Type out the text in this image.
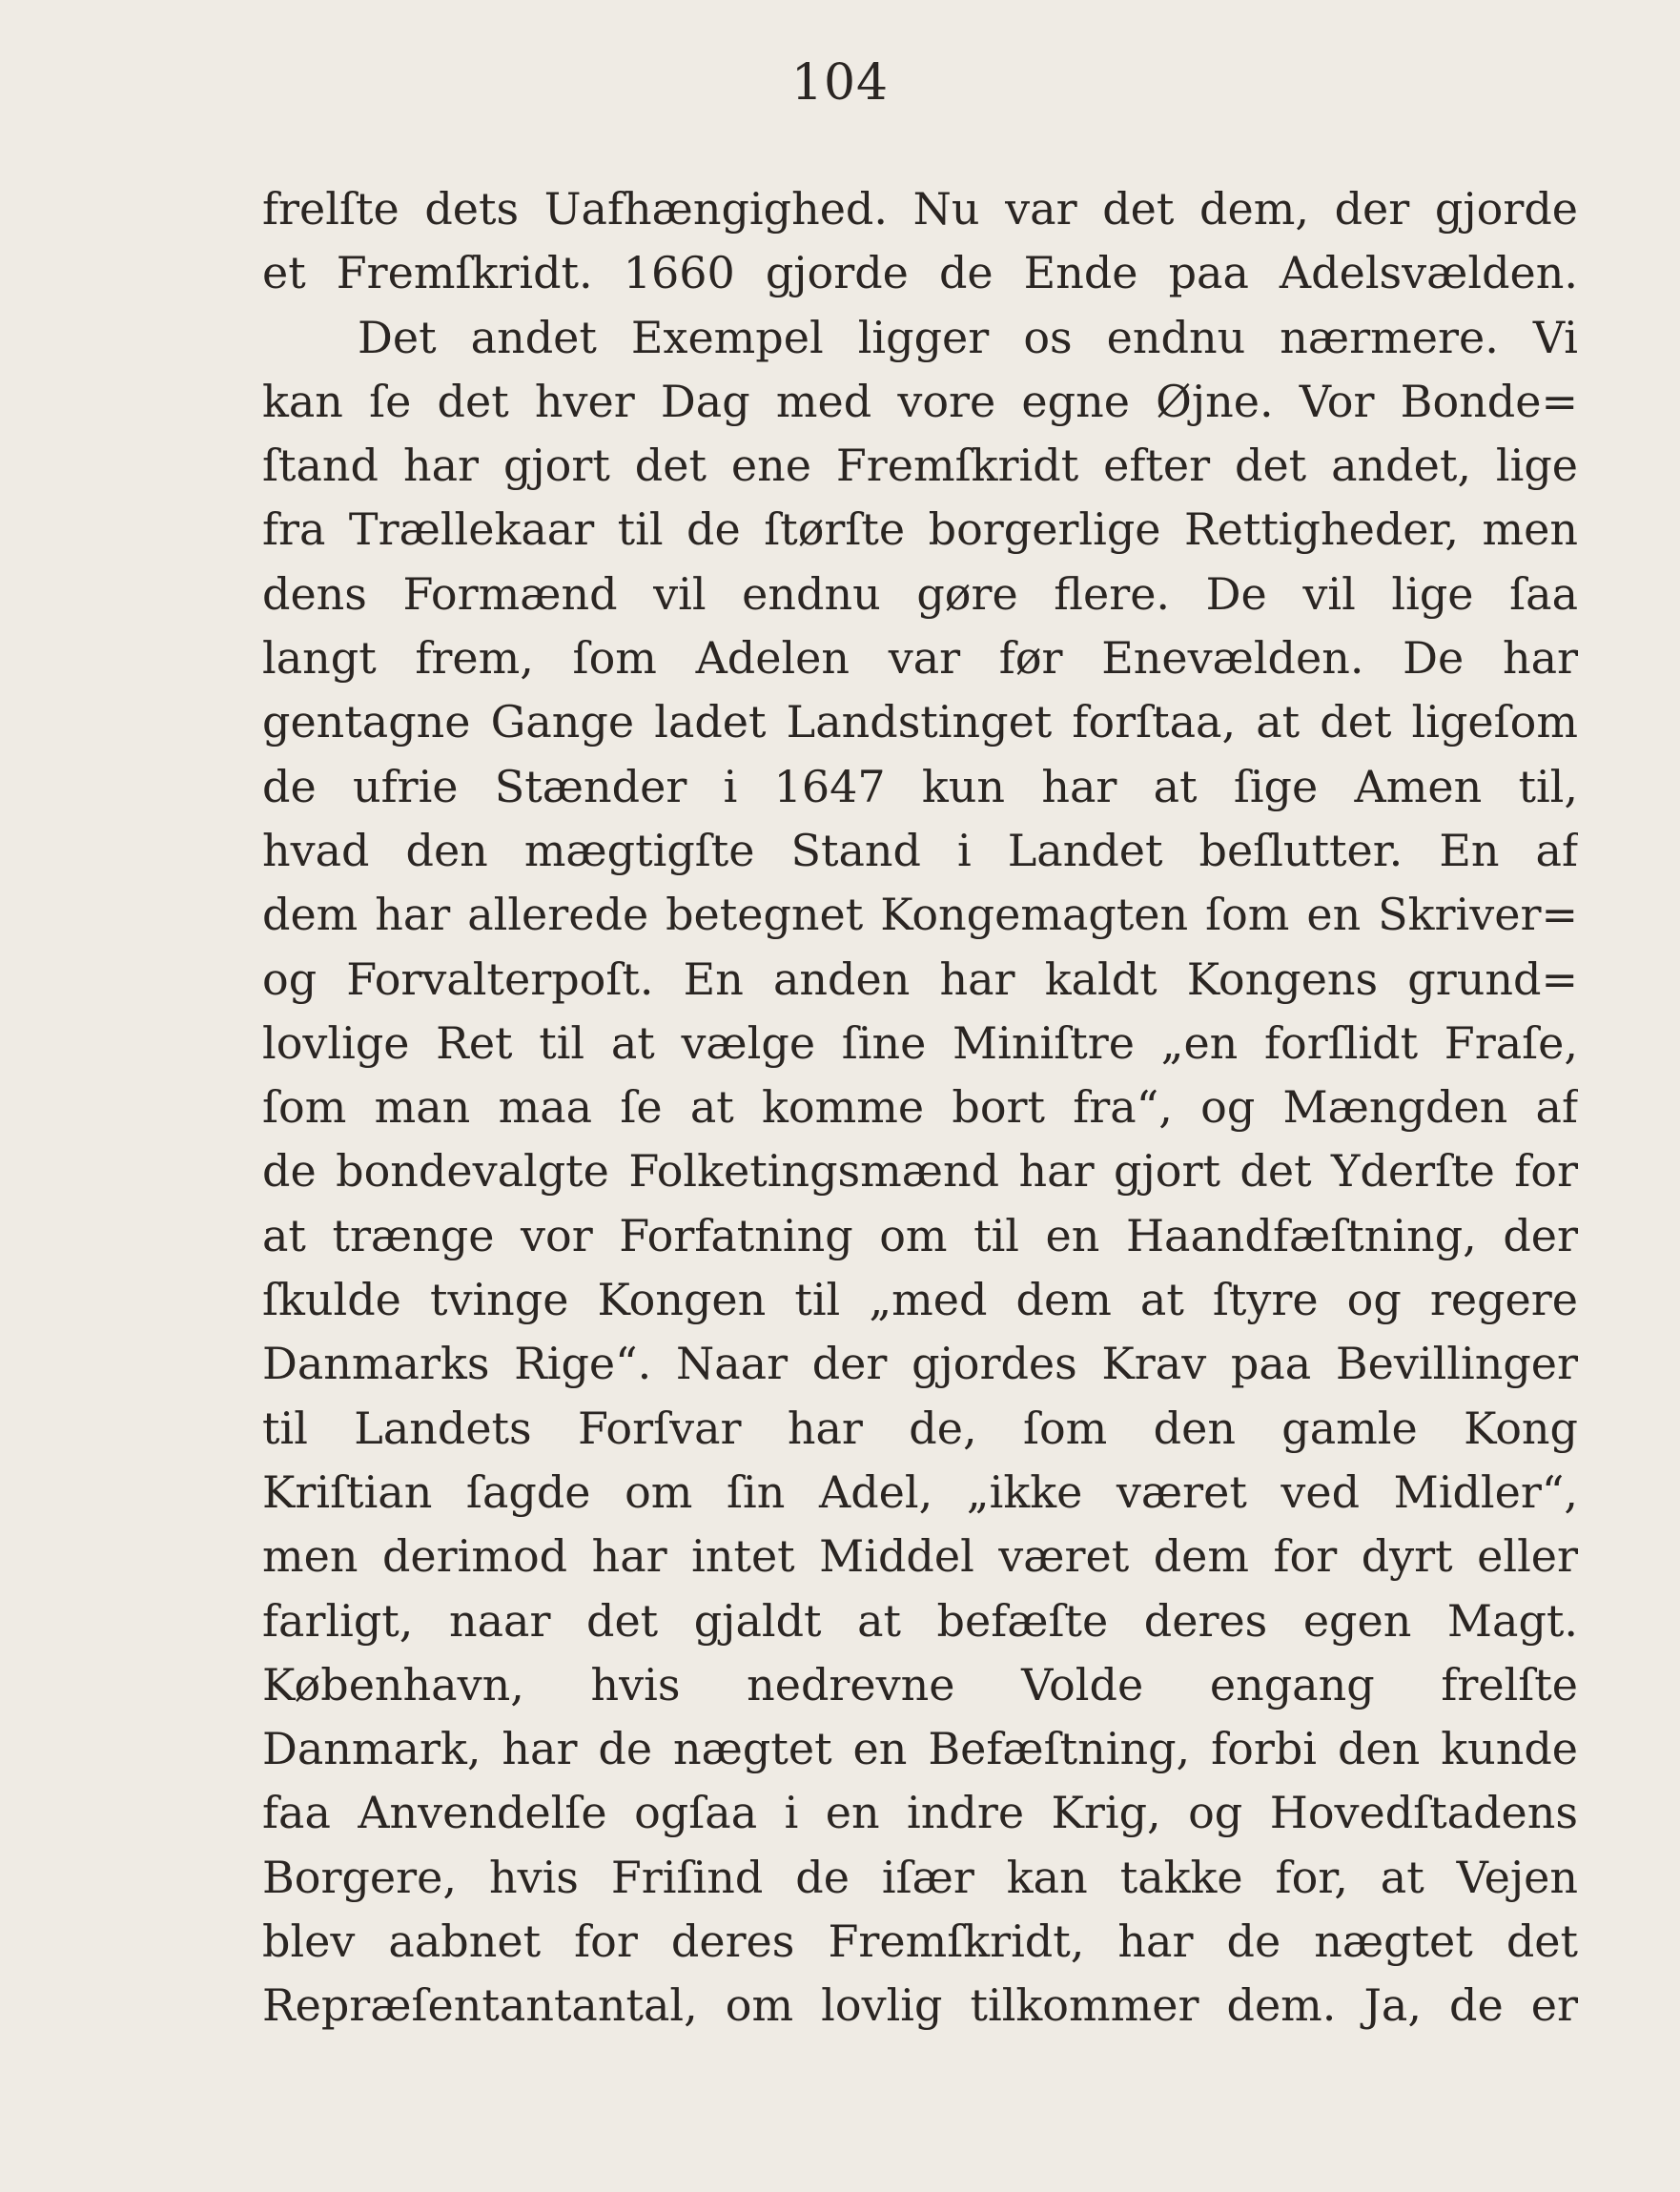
104
frelſte dets Uafhængighed. Nu var det dem, der gjorde
et Fremſkridt. 1660 gjorde de Ende paa Adelsvælden.
Det andet Exempel ligger os endnu nærmere. Vi
kan ſe det hver Dag med vore egne Øjne. Vor Bonde=
ſtand har gjort det ene Fremſkridt efter det andet, lige
fra Trællekaar til de ſtørſte borgerlige Rettigheder, men
dens Formænd vil endnu gøre flere. De vil lige ſaa
langt frem, ſom Adelen var før Enevælden. De har
gentagne Gange ladet Landstinget forſtaa, at det ligeſom
de ufrie Stænder i 1647 kun har at ſige Amen til,
hvad den mægtigſte Stand i Landet beſlutter. En af
dem har allerede betegnet Kongemagten ſom en Skriver=
og Forvalterpoſt. En anden har kaldt Kongens grund=
lovlige Ret til at vælge ſine Miniſtre „en forſlidt Fraſe,
ſom man maa ſe at komme bort fra“, og Mængden af
de bondevalgte Folketingsmænd har gjort det Yderſte for
at trænge vor Forfatning om til en Haandfæſtning, der
ſkulde tvinge Kongen til „med dem at ſtyre og regere
Danmarks Rige“. Naar der gjordes Krav paa Bevillinger
til Landets Forſvar har de, ſom den gamle Kong
Kriſtian ſagde om ſin Adel, „ikke været ved Midler“,
men derimod har intet Middel været dem for dyrt eller
farligt, naar det gjaldt at befæſte deres egen Magt.
København, hvis nedrevne Volde engang frelſte
Danmark, har de nægtet en Befæſtning, forbi den kunde
faa Anvendelſe ogſaa i en indre Krig, og Hovedſtadens
Borgere, hvis Friſind de iſær kan takke for, at Vejen
blev aabnet for deres Fremſkridt, har de nægtet det
Repræſentantantal, om lovlig tilkommer dem. Ja, de er
